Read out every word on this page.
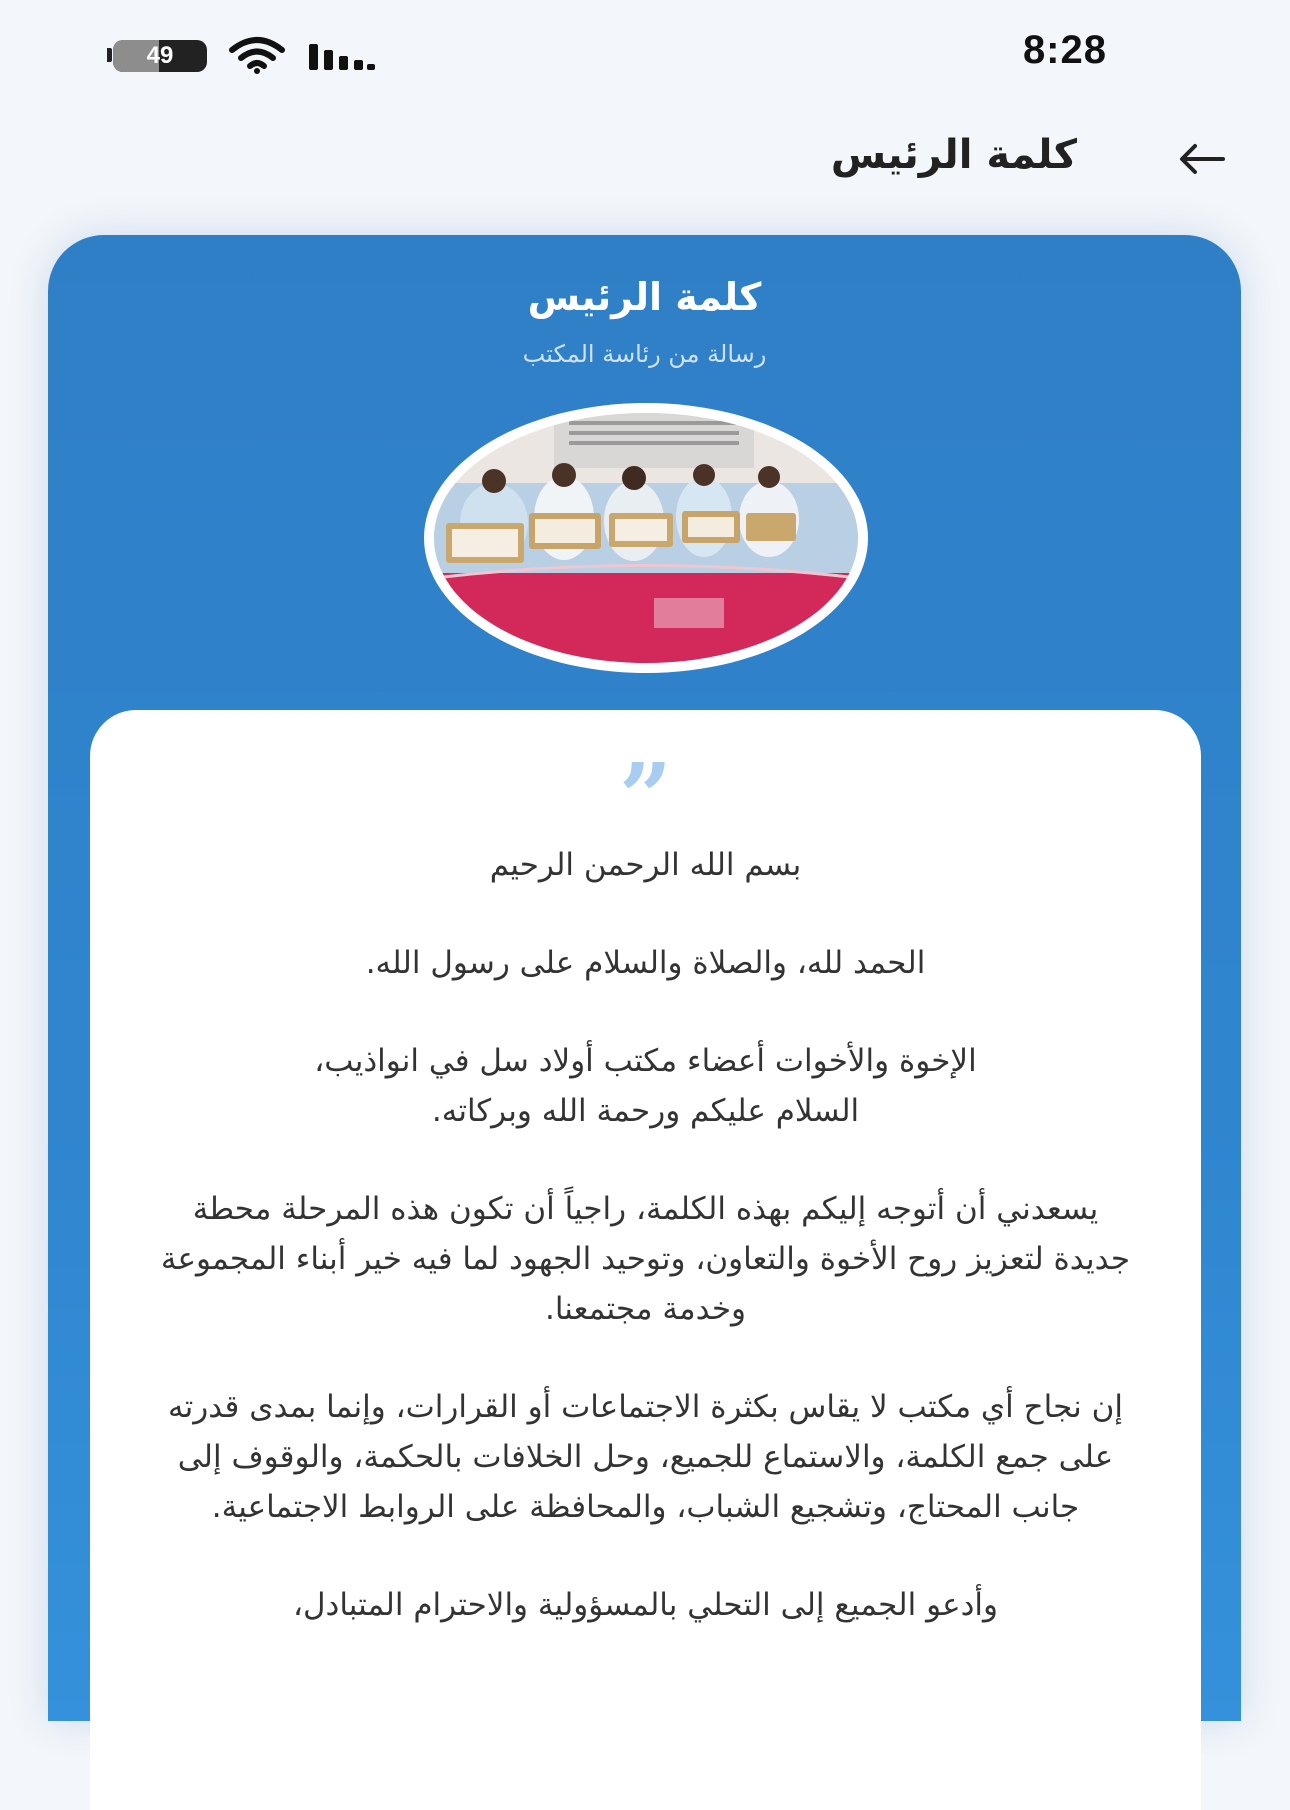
49	8:28
كلمة الرئيس
كلمة الرئيس
رسالة من رئاسة المكتب
”

بسم الله الرحمن الرحيم

الحمد لله، والصلاة والسلام على رسول الله.

الإخوة والأخوات أعضاء مكتب أولاد سل في انواذيب،
السلام عليكم ورحمة الله وبركاته.

يسعدني أن أتوجه إليكم بهذه الكلمة، راجياً أن تكون هذه المرحلة محطة جديدة لتعزيز روح الأخوة والتعاون، وتوحيد الجهود لما فيه خير أبناء المجموعة وخدمة مجتمعنا.

إن نجاح أي مكتب لا يقاس بكثرة الاجتماعات أو القرارات، وإنما بمدى قدرته على جمع الكلمة، والاستماع للجميع، وحل الخلافات بالحكمة، والوقوف إلى جانب المحتاج، وتشجيع الشباب، والمحافظة على الروابط الاجتماعية.

وأدعو الجميع إلى التحلي بالمسؤولية والاحترام المتبادل،
